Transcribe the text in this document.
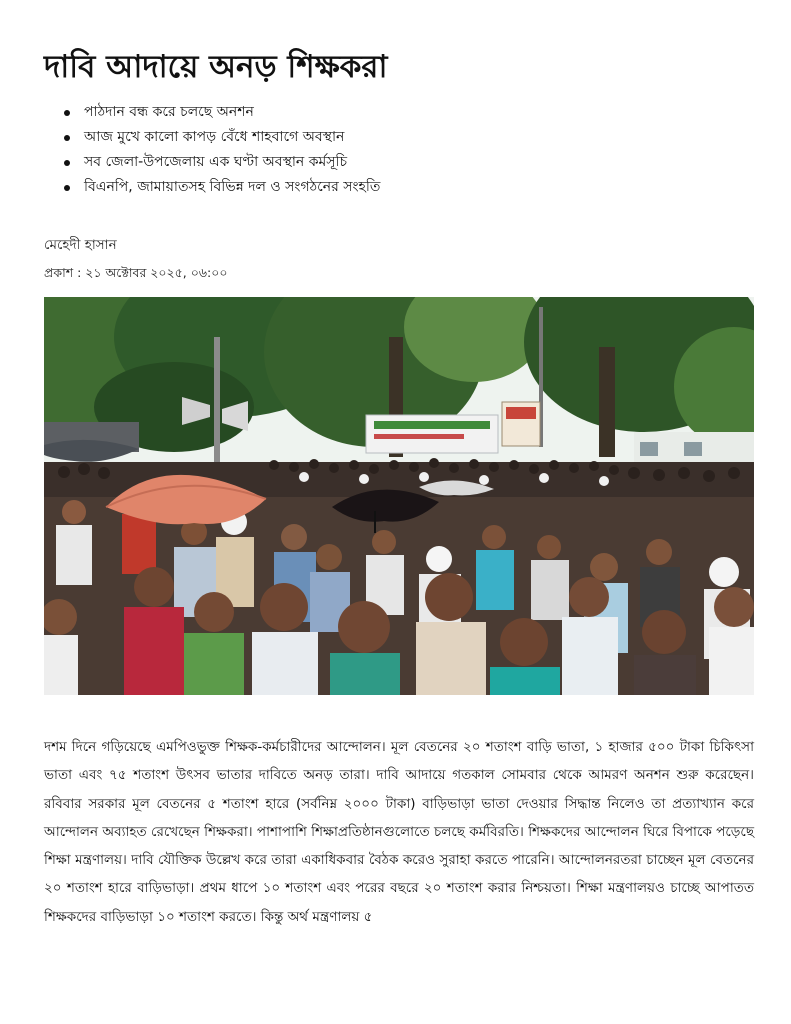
দাবি আদায়ে অনড় শিক্ষকরা
পাঠদান বন্ধ করে চলছে অনশন
আজ মুখে কালো কাপড় বেঁধে শাহবাগে অবস্থান
সব জেলা-উপজেলায় এক ঘণ্টা অবস্থান কর্মসূচি
বিএনপি, জামায়াতসহ বিভিন্ন দল ও সংগঠনের সংহতি
মেহেদী হাসান
প্রকাশ : ২১ অক্টোবর ২০২৫, ০৬:০০

দশম দিনে গড়িয়েছে এমপিওভুক্ত শিক্ষক-কর্মচারীদের আন্দোলন। মূল বেতনের ২০ শতাংশ বাড়ি ভাতা, ১ হাজার ৫০০ টাকা চিকিৎসা ভাতা এবং ৭৫ শতাংশ উৎসব ভাতার দাবিতে অনড় তারা। দাবি আদায়ে গতকাল সোমবার থেকে আমরণ অনশন শুরু করেছেন। রবিবার সরকার মূল বেতনের ৫ শতাংশ হারে (সর্বনিম্ন ২০০০ টাকা) বাড়িভাড়া ভাতা দেওয়ার সিদ্ধান্ত নিলেও তা প্রত্যাখ্যান করে আন্দোলন অব্যাহত রেখেছেন শিক্ষকরা। পাশাপাশি শিক্ষাপ্রতিষ্ঠানগুলোতে চলছে কর্মবিরতি। শিক্ষকদের আন্দোলন ঘিরে বিপাকে পড়েছে শিক্ষা মন্ত্রণালয়। দাবি যৌক্তিক উল্লেখ করে তারা একাধিকবার বৈঠক করেও সুরাহা করতে পারেনি। আন্দোলনরতরা চাচ্ছেন মূল বেতনের ২০ শতাংশ হারে বাড়িভাড়া। প্রথম ধাপে ১০ শতাংশ এবং পরের বছরে ২০ শতাংশ করার নিশ্চয়তা। শিক্ষা মন্ত্রণালয়ও চাচ্ছে আপাতত শিক্ষকদের বাড়িভাড়া ১০ শতাংশ করতে। কিন্তু অর্থ মন্ত্রণালয় ৫
